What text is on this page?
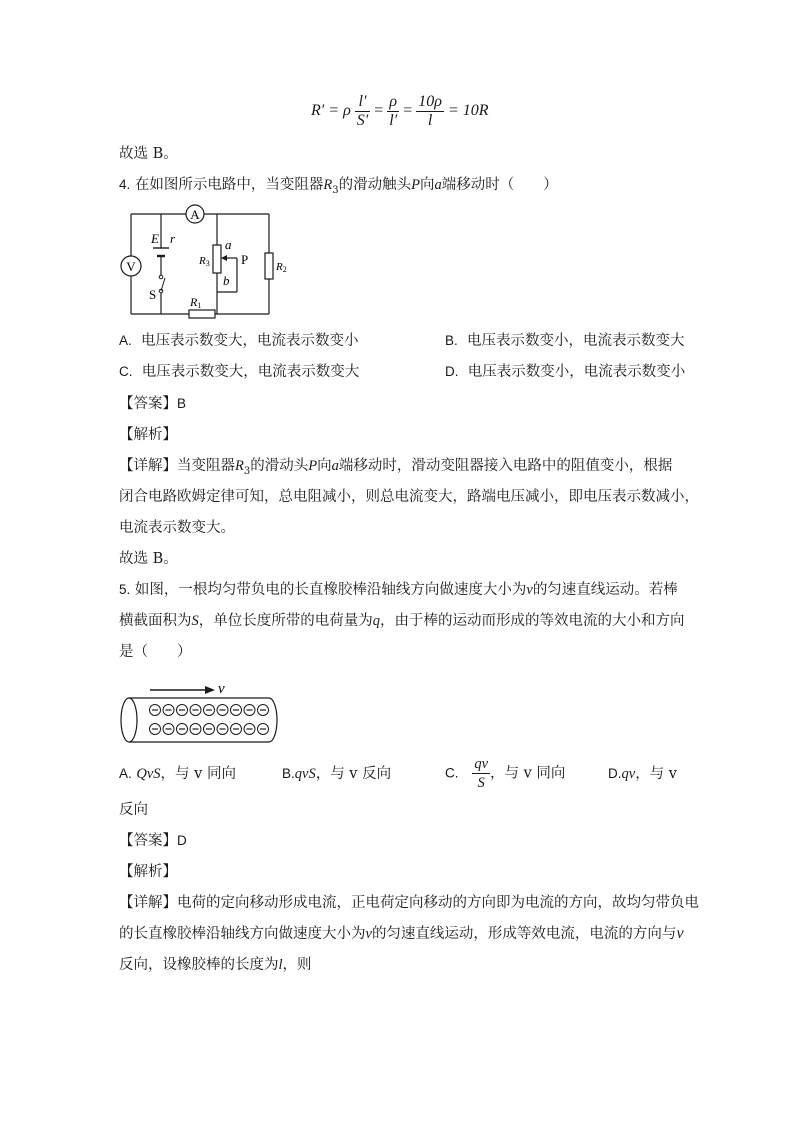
R′ = ρ $\frac{l'}{S'} = \frac{\rho}{l'} = \frac{10\rho}{l} = 10R$
故选 B。
4. 在如图所示电路中，当变阻器$R_3$的滑动触头P向a端移动时（　　）
A
V
E r
S	R1
R2
R3
a
b
P
A. 电压表示数变大，电流表示数变小	B. 电压表示数变小，电流表示数变大
C. 电压表示数变大，电流表示数变大	D. 电压表示数变小，电流表示数变小
【答案】B
【解析】
【详解】当变阻器$R_3$的滑动头P向a端移动时，滑动变阻器接入电路中的阻值变小，根据
闭合电路欧姆定律可知，总电阻减小，则总电流变大，路端电压减小，即电压表示数减小，
电流表示数变大。
故选 B。
5. 如图，一根均匀带负电的长直橡胶棒沿轴线方向做速度大小为v的匀速直线运动。若棒
横截面积为S，单位长度所带的电荷量为q，由于棒的运动而形成的等效电流的大小和方向
是（　　）
v
A. QvS，与 v 同向	B.qvS，与 v 反向	C. $\frac{qv}{S}$ ，与 v 同向	D.qv，与 v
反向
【答案】D
【解析】
【详解】电荷的定向移动形成电流，正电荷定向移动的方向即为电流的方向，故均匀带负电
的长直橡胶棒沿轴线方向做速度大小为v的匀速直线运动，形成等效电流，电流的方向与v
反向，设橡胶棒的长度为l，则
